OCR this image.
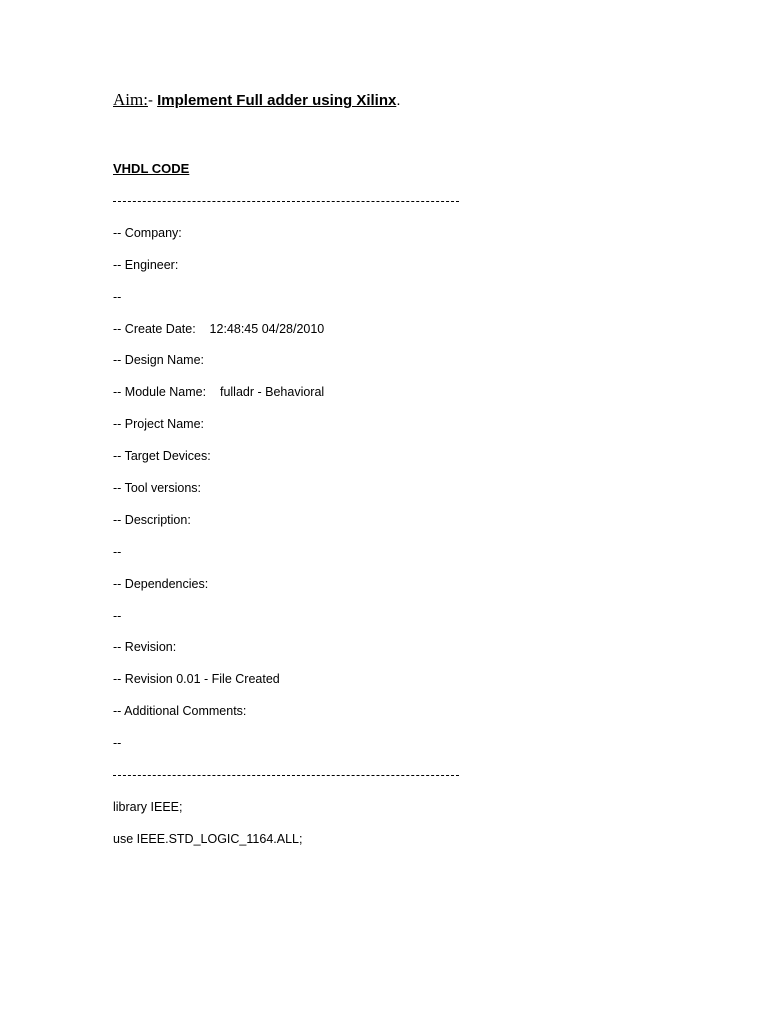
Aim:- Implement Full adder using Xilinx.
VHDL CODE
-- Company:
-- Engineer:
--
-- Create Date:    12:48:45 04/28/2010
-- Design Name:
-- Module Name:    fulladr - Behavioral
-- Project Name:
-- Target Devices:
-- Tool versions:
-- Description:
--
-- Dependencies:
--
-- Revision:
-- Revision 0.01 - File Created
-- Additional Comments:
--
library IEEE;
use IEEE.STD_LOGIC_1164.ALL;
